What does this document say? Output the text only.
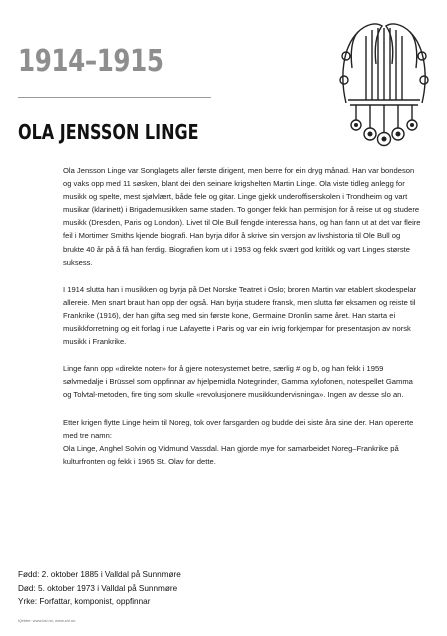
1914–1915
OLA JENSSON LINGE

Ola Jensson Linge var Songlagets aller første dirigent, men berre for ein dryg månad. Han var bondeson og vaks opp med 11 søsken, blant dei den seinare krigshelten Martin Linge. Ola viste tidleg anlegg for musikk og spelte, mest sjølvlært, både fele og gitar. Linge gjekk underoffiserskolen i Trondheim og vart musikar (klarinett) i Brigademusikken same staden. To gonger fekk han permisjon for å reise ut og studere musikk (Dresden, Paris og London). Livet til Ole Bull fengde interessa hans, og han fann ut at det var fleire feil i Mortimer Smiths kjende biografi. Han byrja difor å skrive sin versjon av livshistoria til Ole Bull og brukte 40 år på å få han ferdig. Biografien kom ut i 1953 og fekk svært god kritikk og vart Linges største suksess.

I 1914 slutta han i musikken og byrja på Det Norske Teatret i Oslo; broren Martin var etablert skodespelar allereie. Men snart braut han opp der også. Han byrja studere fransk, men slutta før eksamen og reiste til Frankrike (1916), der han gifta seg med sin første kone, Germaine Dronlin same året. Han starta ei musikkforretning og eit forlag i rue Lafayette i Paris og var ein ivrig forkjempar for presentasjon av norsk musikk i Frankrike.

Linge fann opp «direkte noter» for å gjere notesystemet betre, særlig # og b, og han fekk i 1959 sølvmedalje i Brüssel som oppfinnar av hjelpemidla Notegrinder, Gamma xylofonen, notespellet Gamma og Tolvtal-metoden, fire ting som skulle «revolusjonere musikkundervisninga». Ingen av desse slo an.

Etter krigen flytte Linge heim til Noreg, tok over farsgarden og budde dei siste åra sine der. Han opererte med tre namn:

Ola Linge, Anghel Solvin og Vidmund Vassdal. Han gjorde mye for samarbeidet Noreg–Frankrike på kulturfronten og fekk i 1965 St. Olav for dette.

Fødd: 2. oktober 1885 i Valldal på Sunnmøre
Død: 5. oktober 1973 i Valldal på Sunnmøre
Yrke: Forfattar, komponist, oppfinnar
Kjelder: www.bsl.no, www.snl.no
